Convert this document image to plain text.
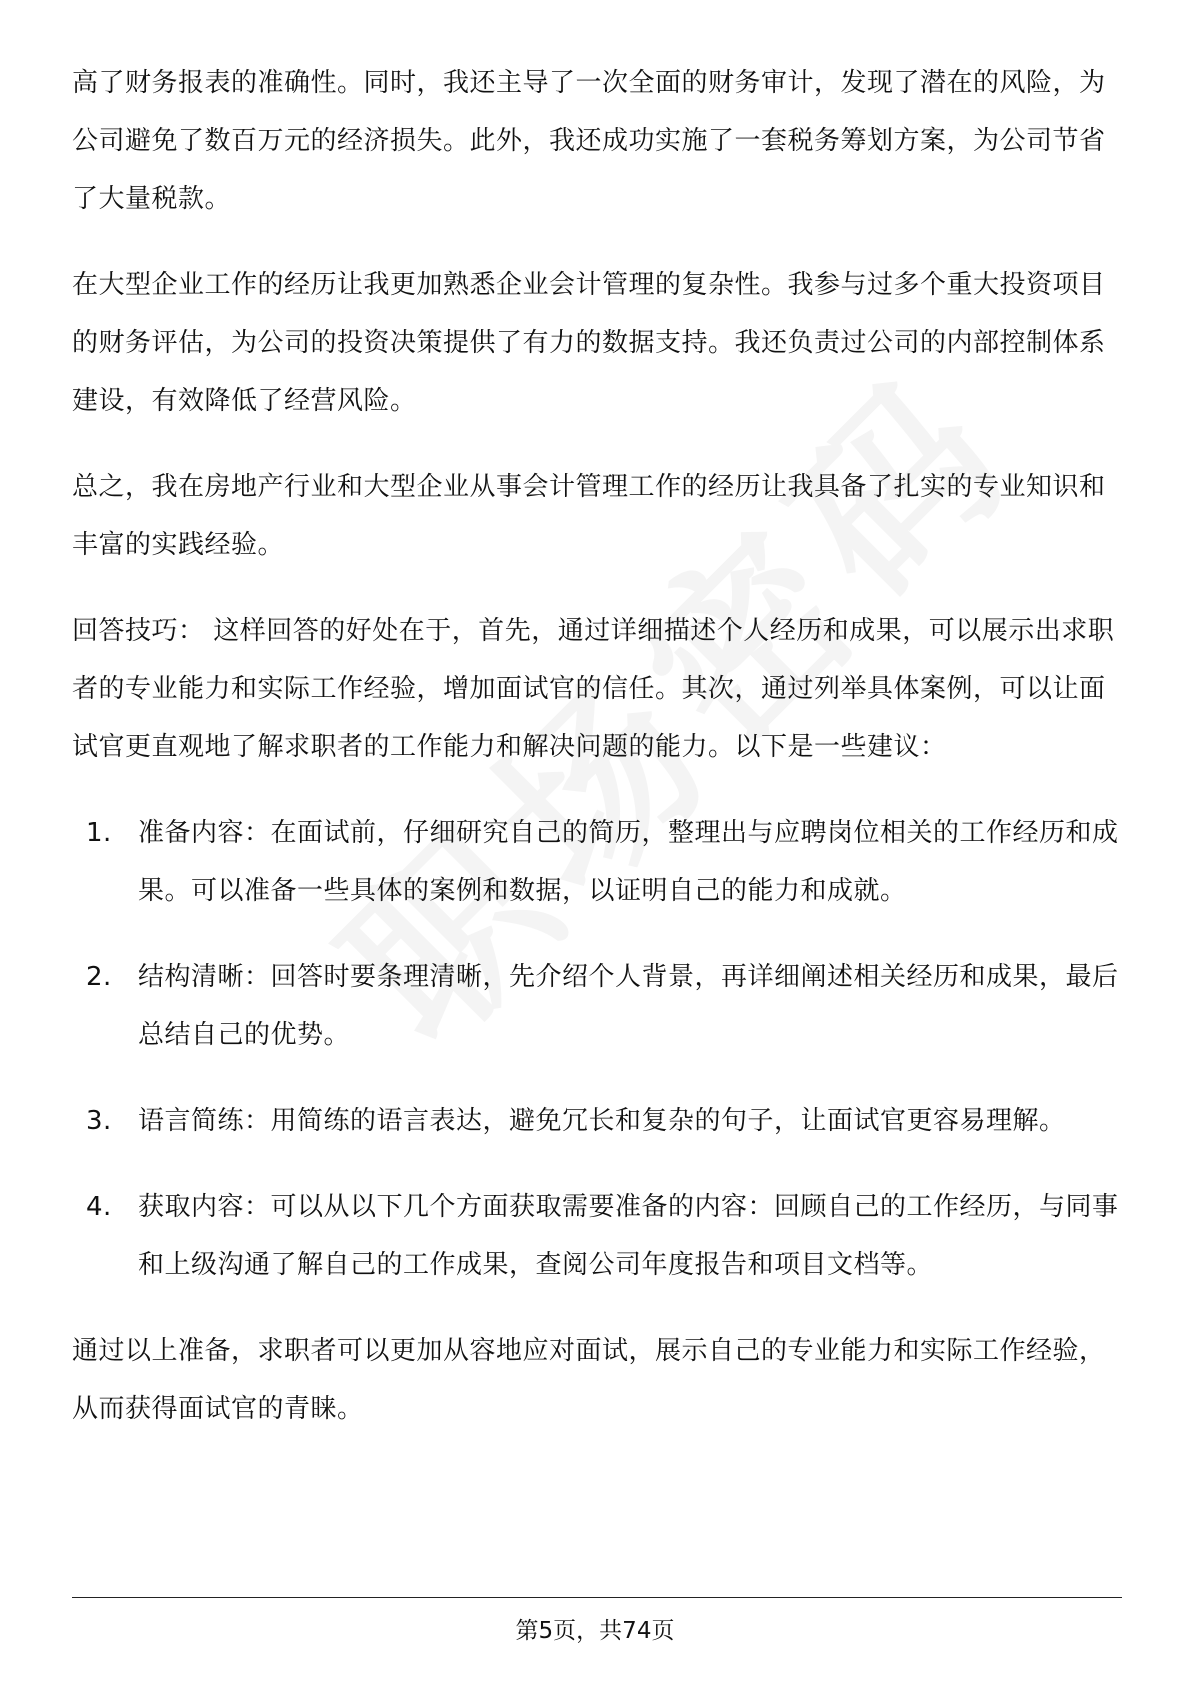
高了财务报表的准确性。同时，我还主导了一次全面的财务审计，发现了潜在的风险，为公司避免了数百万元的经济损失。此外，我还成功实施了一套税务筹划方案，为公司节省了大量税款。

在大型企业工作的经历让我更加熟悉企业会计管理的复杂性。我参与过多个重大投资项目的财务评估，为公司的投资决策提供了有力的数据支持。我还负责过公司的内部控制体系建设，有效降低了经营风险。

总之，我在房地产行业和大型企业从事会计管理工作的经历让我具备了扎实的专业知识和丰富的实践经验。

回答技巧： 这样回答的好处在于，首先，通过详细描述个人经历和成果，可以展示出求职者的专业能力和实际工作经验，增加面试官的信任。其次，通过列举具体案例，可以让面试官更直观地了解求职者的工作能力和解决问题的能力。以下是一些建议：

1.	准备内容：在面试前，仔细研究自己的简历，整理出与应聘岗位相关的工作经历和成果。可以准备一些具体的案例和数据，以证明自己的能力和成就。
2.	结构清晰：回答时要条理清晰，先介绍个人背景，再详细阐述相关经历和成果，最后总结自己的优势。
3.	语言简练：用简练的语言表达，避免冗长和复杂的句子，让面试官更容易理解。
4.	获取内容：可以从以下几个方面获取需要准备的内容：回顾自己的工作经历，与同事和上级沟通了解自己的工作成果，查阅公司年度报告和项目文档等。

通过以上准备，求职者可以更加从容地应对面试，展示自己的专业能力和实际工作经验，从而获得面试官的青睐。

第5页，共74页
